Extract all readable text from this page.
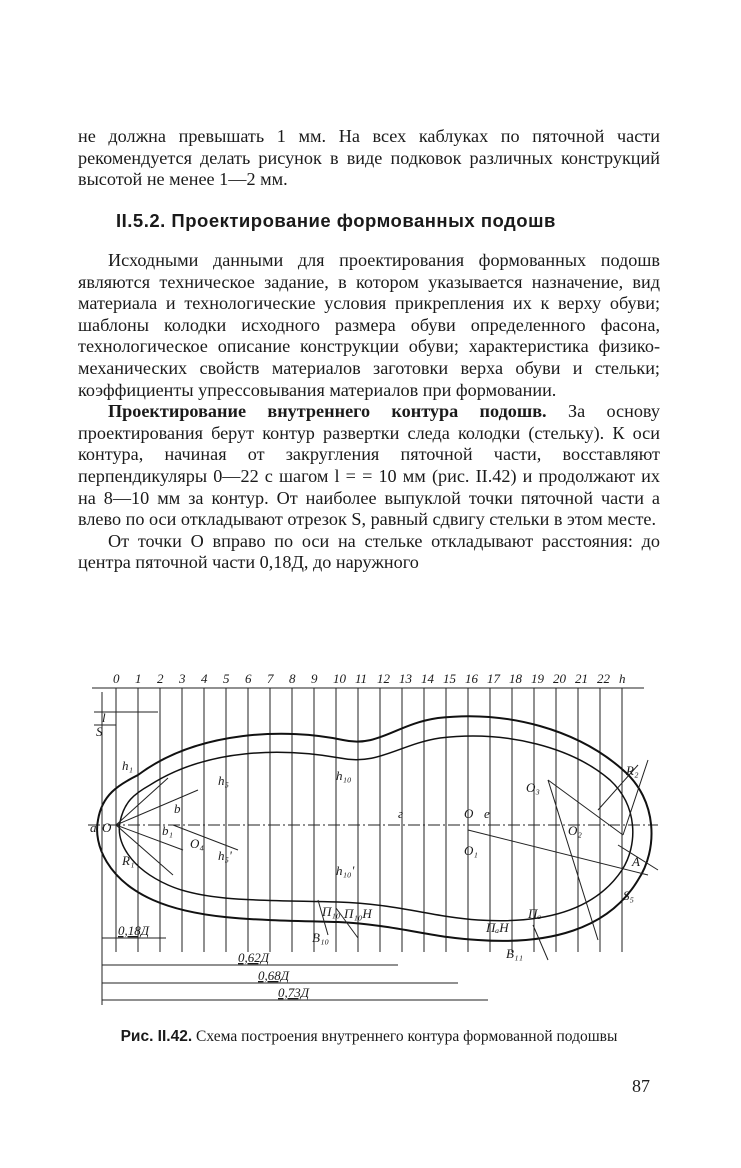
не должна превышать 1 мм. На всех каблуках по пяточной части рекомендуется делать рисунок в виде подковок различных конструкций высотой не менее 1—2 мм.

II.5.2. Проектирование формованных подошв

Исходными данными для проектирования формованных подошв являются техническое задание, в котором указывается назначение, вид материала и технологические условия прикрепления их к верху обуви; шаблоны колодки исходного размера обуви определенного фасона, технологическое описание конструкции обуви; характеристика физико-механических свойств материалов заготовки верха обуви и стельки; коэффициенты упрессовывания материалов при формовании.

Проектирование внутреннего контура подошв. За основу проектирования берут контур развертки следа колодки (стельку). К оси контура, начиная от закругления пяточной части, восставляют перпендикуляры 0—22 с шагом l = = 10 мм (рис. II.42) и продолжают их на 8—10 мм за контур. От наиболее выпуклой точки пяточной части a влево по оси откладывают отрезок S, равный сдвигу стельки в этом месте.

От точки О вправо по оси на стельке откладывают расстояния: до центра пяточной части 0,18Д, до наружного

0 1 2 3 4 5 6 7 8 9 10 11 12 13 14 15 16 17 18 19 20 21 22 h
l
S
h₁
h₅
h₅'
h₁₀
h₁₀'
a O
b
b₁
O₄
R₁
R₂
г	О е
О₁
О₃
О₂
А
S₅
П₁₀ П₁₀Н
В₁₀
Пₐ
ПₐН
В₁₁
0,18Д
0,62Д
0,68Д
0,73Д
Рис. II.42. Схема построения внутреннего контура формованной подошвы
87
